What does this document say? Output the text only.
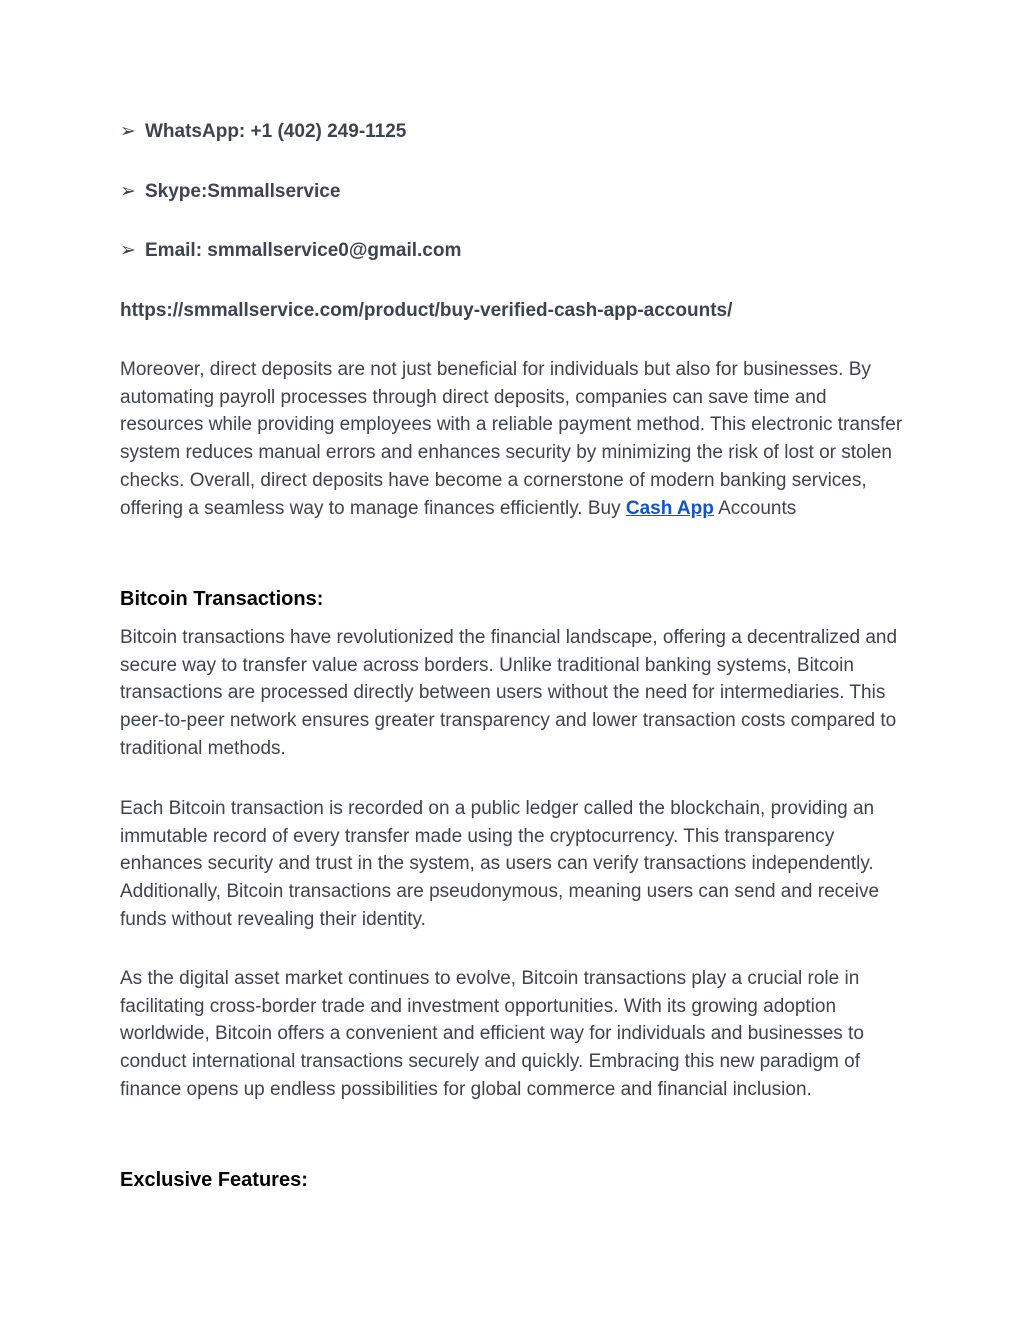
➢ WhatsApp: +1 (402) 249-1125
➢ Skype:Smmallservice
➢ Email: smmallservice0@gmail.com
https://smmallservice.com/product/buy-verified-cash-app-accounts/

Moreover, direct deposits are not just beneficial for individuals but also for businesses. By automating payroll processes through direct deposits, companies can save time and resources while providing employees with a reliable payment method. This electronic transfer system reduces manual errors and enhances security by minimizing the risk of lost or stolen checks. Overall, direct deposits have become a cornerstone of modern banking services, offering a seamless way to manage finances efficiently. Buy Cash App Accounts

Bitcoin Transactions:

Bitcoin transactions have revolutionized the financial landscape, offering a decentralized and secure way to transfer value across borders. Unlike traditional banking systems, Bitcoin transactions are processed directly between users without the need for intermediaries. This peer-to-peer network ensures greater transparency and lower transaction costs compared to traditional methods.

Each Bitcoin transaction is recorded on a public ledger called the blockchain, providing an immutable record of every transfer made using the cryptocurrency. This transparency enhances security and trust in the system, as users can verify transactions independently. Additionally, Bitcoin transactions are pseudonymous, meaning users can send and receive funds without revealing their identity.

As the digital asset market continues to evolve, Bitcoin transactions play a crucial role in facilitating cross-border trade and investment opportunities. With its growing adoption worldwide, Bitcoin offers a convenient and efficient way for individuals and businesses to conduct international transactions securely and quickly. Embracing this new paradigm of finance opens up endless possibilities for global commerce and financial inclusion.

Exclusive Features:
